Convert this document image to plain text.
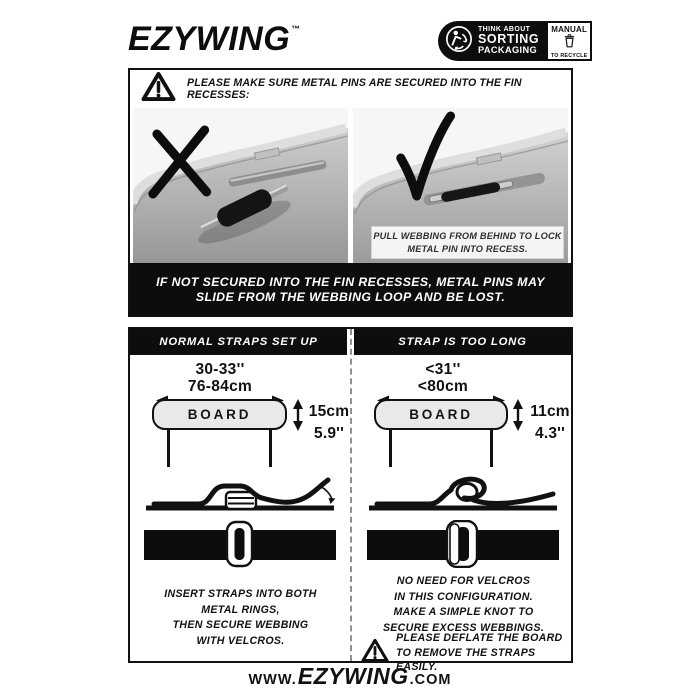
EZYWING™	THINK ABOUT
SORTING
PACKAGING
MANUAL
TO RECYCLE
PLEASE MAKE SURE METAL PINS ARE SECURED INTO THE FIN RECESSES:
PULL WEBBING FROM BEHIND TO LOCK
METAL PIN INTO RECESS.
IF NOT SECURED INTO THE FIN RECESSES, METAL PINS MAY
SLIDE FROM THE WEBBING LOOP AND BE LOST.
NORMAL STRAPS SET UP	STRAP IS TOO LONG
30-33''
76-84cm
BOARD	15cm
5.9''
INSERT STRAPS INTO BOTH
METAL RINGS,
THEN SECURE WEBBING
WITH VELCROS.
<31''
<80cm
BOARD	11cm
4.3''
NO NEED FOR VELCROS
IN THIS CONFIGURATION.
MAKE A SIMPLE KNOT TO
SECURE EXCESS WEBBINGS.
PLEASE DEFLATE THE BOARD
TO REMOVE THE STRAPS EASILY.
WWW. EZYWING .COM
